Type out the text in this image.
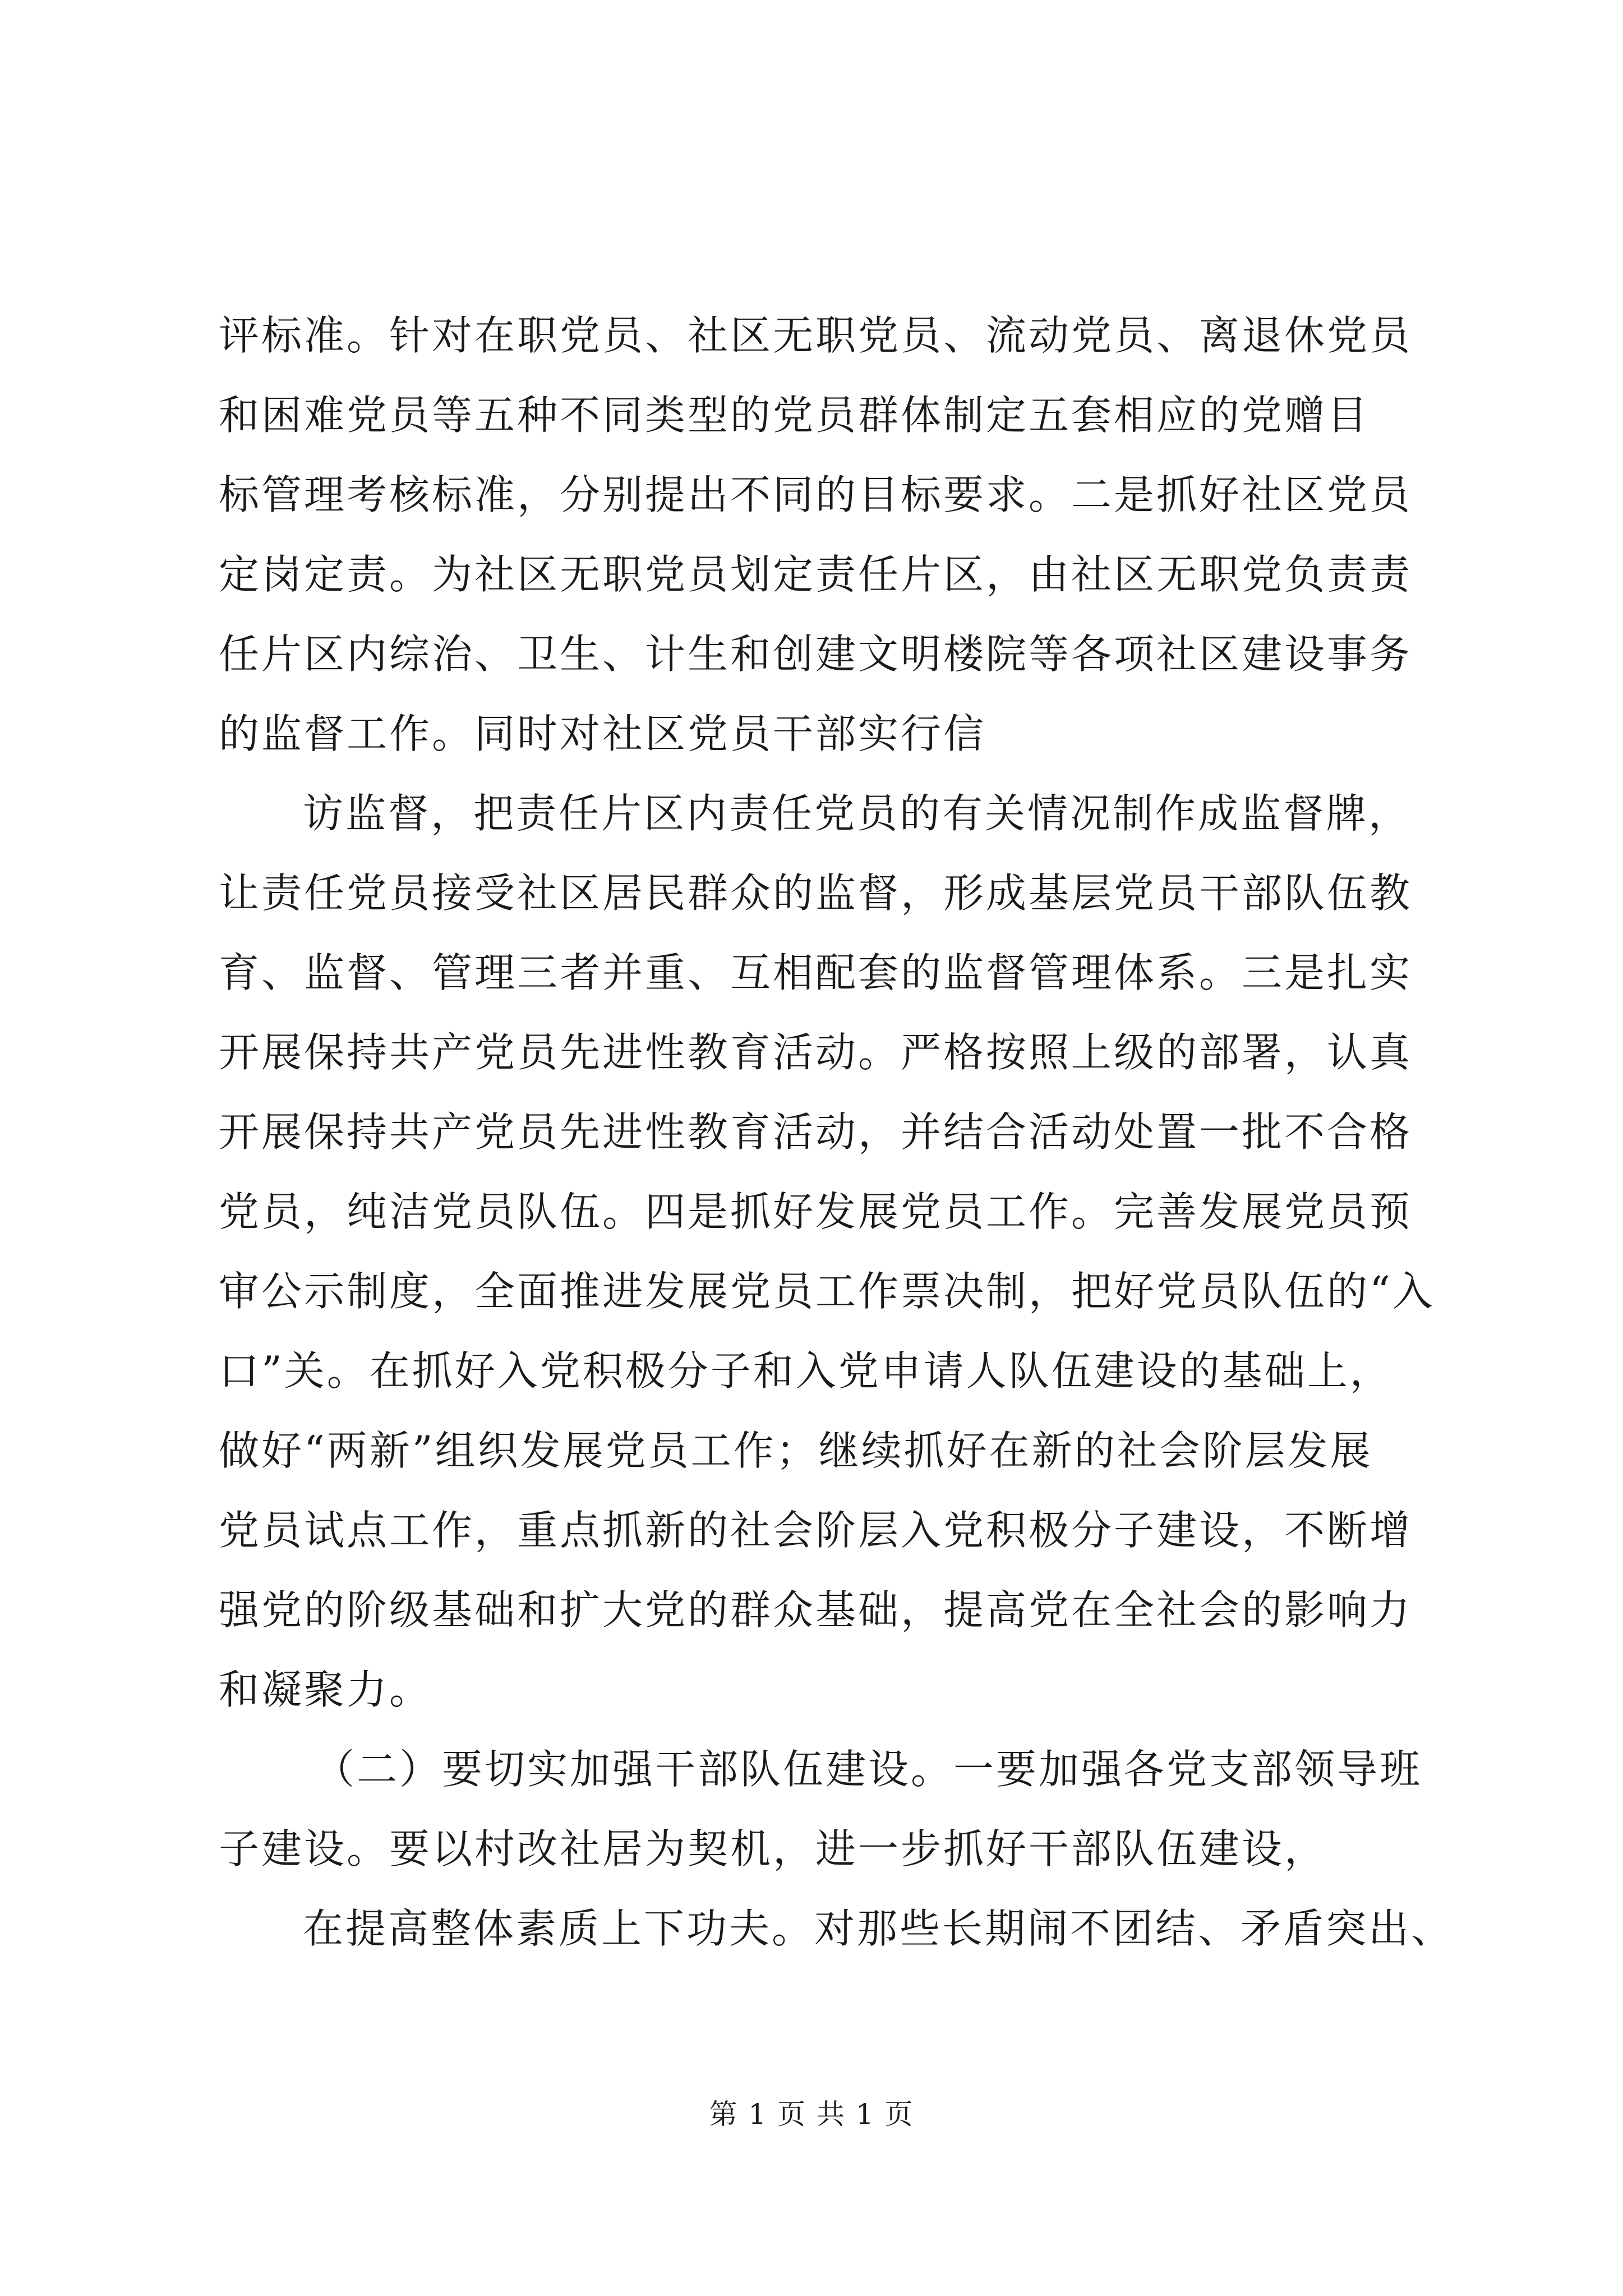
评标准。针对在职党员、社区无职党员、流动党员、离退休党员
和困难党员等五种不同类型的党员群体制定五套相应的党赠目
标管理考核标准，分别提出不同的目标要求。二是抓好社区党员
定岗定责。为社区无职党员划定责任片区，由社区无职党负责责
任片区内综治、卫生、计生和创建文明楼院等各项社区建设事务
的监督工作。同时对社区党员干部实行信
访监督，把责任片区内责任党员的有关情况制作成监督牌，
让责任党员接受社区居民群众的监督，形成基层党员干部队伍教
育、监督、管理三者并重、互相配套的监督管理体系。三是扎实
开展保持共产党员先进性教育活动。严格按照上级的部署，认真
开展保持共产党员先进性教育活动，并结合活动处置一批不合格
党员，纯洁党员队伍。四是抓好发展党员工作。完善发展党员预
审公示制度，全面推进发展党员工作票决制，把好党员队伍的“入
口”关。在抓好入党积极分子和入党申请人队伍建设的基础上，
做好“两新”组织发展党员工作；继续抓好在新的社会阶层发展
党员试点工作，重点抓新的社会阶层入党积极分子建设，不断增
强党的阶级基础和扩大党的群众基础，提高党在全社会的影响力
和凝聚力。
（二）要切实加强干部队伍建设。一要加强各党支部领导班
子建设。要以村改社居为契机，进一步抓好干部队伍建设，
在提高整体素质上下功夫。对那些长期闹不团结、矛盾突出、
第 1 页 共 1 页
